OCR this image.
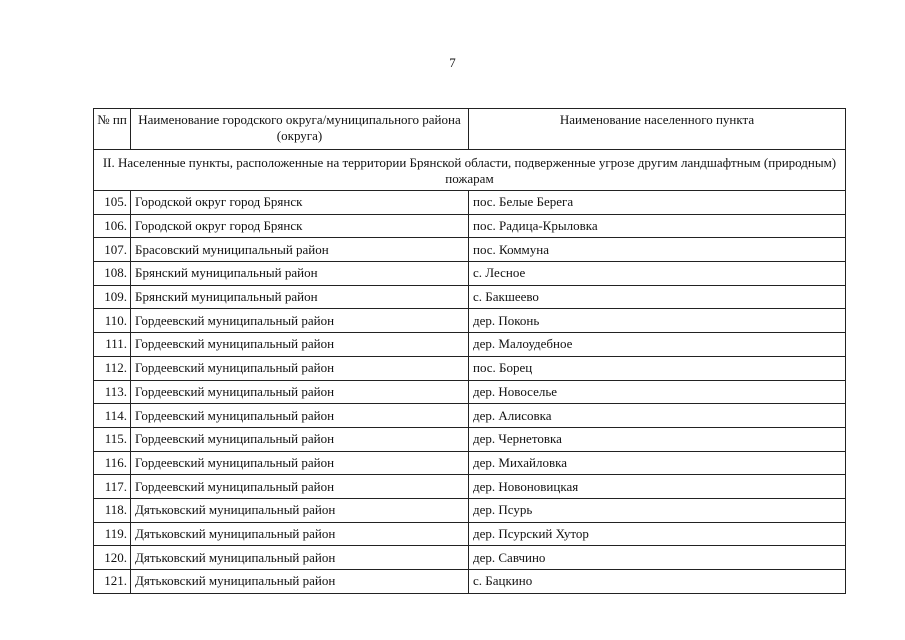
7
№ пп	Наименование городского округа/муниципального района (округа)	Наименование населенного пункта
II. Населенные пункты, расположенные на территории Брянской области, подверженные угрозе другим ландшафтным (природным) пожарам		
105.	Городской округ город Брянск	пос. Белые Берега
106.	Городской округ город Брянск	пос. Радица-Крыловка
107.	Брасовский муниципальный район	пос. Коммуна
108.	Брянский муниципальный район	с. Лесное
109.	Брянский муниципальный район	с. Бакшеево
110.	Гордеевский муниципальный район	дер. Поконь
111.	Гордеевский муниципальный район	дер. Малоудебное
112.	Гордеевский муниципальный район	пос. Борец
113.	Гордеевский муниципальный район	дер. Новоселье
114.	Гордеевский муниципальный район	дер. Алисовка
115.	Гордеевский муниципальный район	дер. Чернетовка
116.	Гордеевский муниципальный район	дер. Михайловка
117.	Гордеевский муниципальный район	дер. Новоновицкая
118.	Дятьковский муниципальный район	дер. Псурь
119.	Дятьковский муниципальный район	дер. Псурский Хутор
120.	Дятьковский муниципальный район	дер. Савчино
121.	Дятьковский муниципальный район	с. Бацкино
